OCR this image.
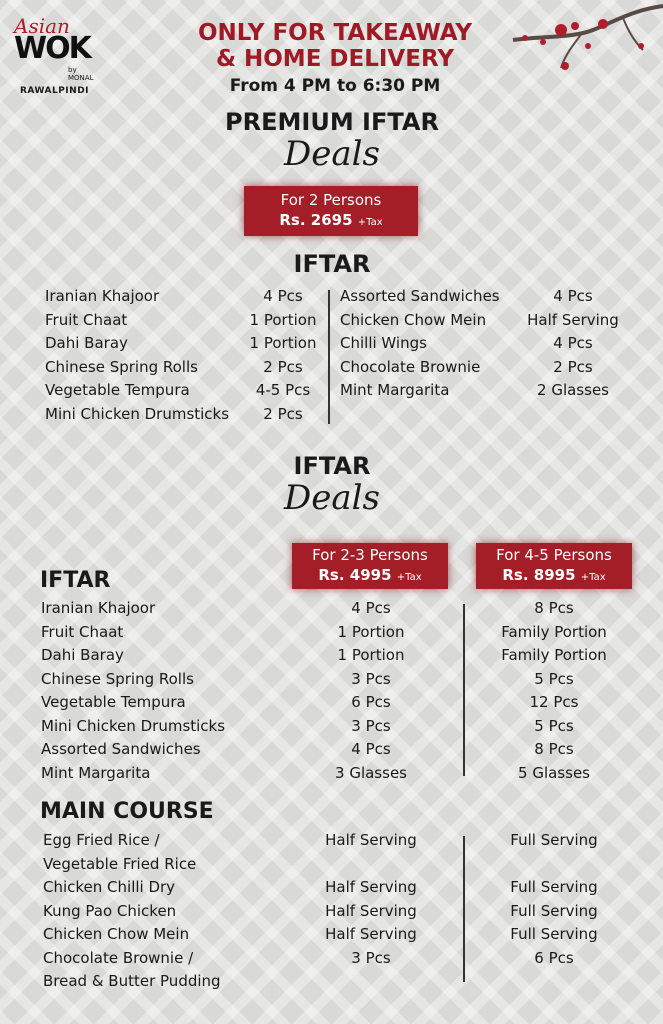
Asian
WOK
by MONAL
RAWALPINDI
ONLY FOR TAKEAWAY
& HOME DELIVERY
From 4 PM to 6:30 PM
PREMIUM IFTAR
Deals
For 2 Persons
Rs. 2695 +Tax
IFTAR
Iranian Khajoor	4 Pcs
Fruit Chaat	1 Portion
Dahi Baray	1 Portion
Chinese Spring Rolls	2 Pcs
Vegetable Tempura	4-5 Pcs
Mini Chicken Drumsticks	2 Pcs
Assorted Sandwiches	4 Pcs
Chicken Chow Mein	Half Serving
Chilli Wings	4 Pcs
Chocolate Brownie	2 Pcs
Mint Margarita	2 Glasses
IFTAR
Deals
For 2-3 Persons
Rs. 4995 +Tax
For 4-5 Persons
Rs. 8995 +Tax
IFTAR
Iranian Khajoor	4 Pcs	8 Pcs
Fruit Chaat	1 Portion	Family Portion
Dahi Baray	1 Portion	Family Portion
Chinese Spring Rolls	3 Pcs	5 Pcs
Vegetable Tempura	6 Pcs	12 Pcs
Mini Chicken Drumsticks	3 Pcs	5 Pcs
Assorted Sandwiches	4 Pcs	8 Pcs
Mint Margarita	3 Glasses	5 Glasses
MAIN COURSE
Egg Fried Rice /	Half Serving	Full Serving
Vegetable Fried Rice
Chicken Chilli Dry	Half Serving	Full Serving
Kung Pao Chicken	Half Serving	Full Serving
Chicken Chow Mein	Half Serving	Full Serving
Chocolate Brownie /	3 Pcs	6 Pcs
Bread & Butter Pudding
